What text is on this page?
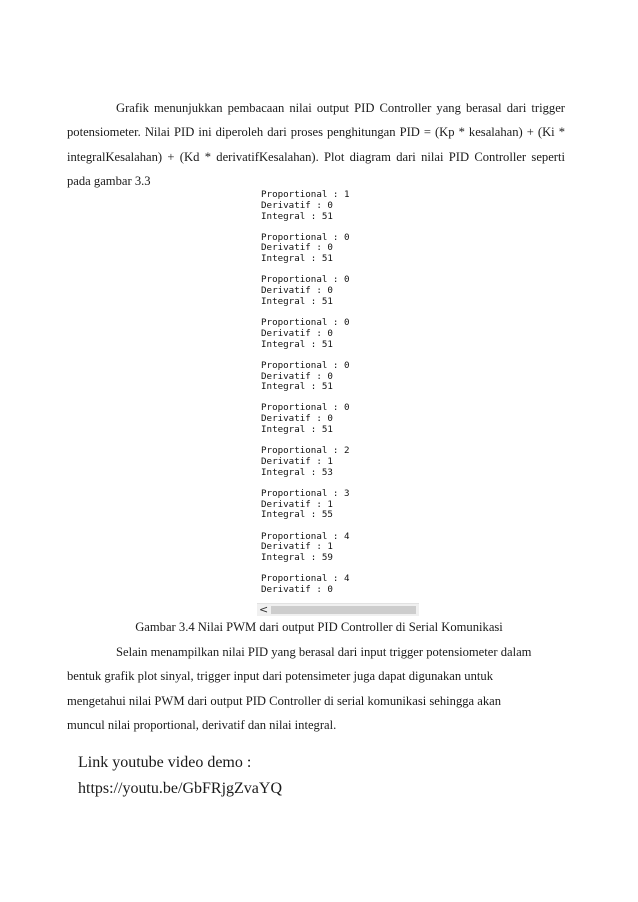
Grafik menunjukkan pembacaan nilai output PID Controller yang berasal dari trigger potensiometer. Nilai PID ini diperoleh dari proses penghitungan PID = (Kp * kesalahan) + (Ki * integralKesalahan) + (Kd * derivatifKesalahan). Plot diagram dari nilai PID Controller seperti pada gambar 3.3
Proportional : 1
Derivatif : 0
Integral : 51
Proportional : 0
Derivatif : 0
Integral : 51
Proportional : 0
Derivatif : 0
Integral : 51
Proportional : 0
Derivatif : 0
Integral : 51
Proportional : 0
Derivatif : 0
Integral : 51
Proportional : 0
Derivatif : 0
Integral : 51
Proportional : 2
Derivatif : 1
Integral : 53
Proportional : 3
Derivatif : 1
Integral : 55
Proportional : 4
Derivatif : 1
Integral : 59
Proportional : 4
Derivatif : 0
<
Gambar 3.4 Nilai PWM dari output PID Controller di Serial Komunikasi
Selain menampilkan nilai PID yang berasal dari input trigger potensiometer dalam
bentuk grafik plot sinyal, trigger input dari potensimeter juga dapat digunakan untuk
mengetahui nilai PWM dari output PID Controller di serial komunikasi sehingga akan
muncul nilai proportional, derivatif dan nilai integral.
Link youtube video demo :
https://youtu.be/GbFRjgZvaYQ
